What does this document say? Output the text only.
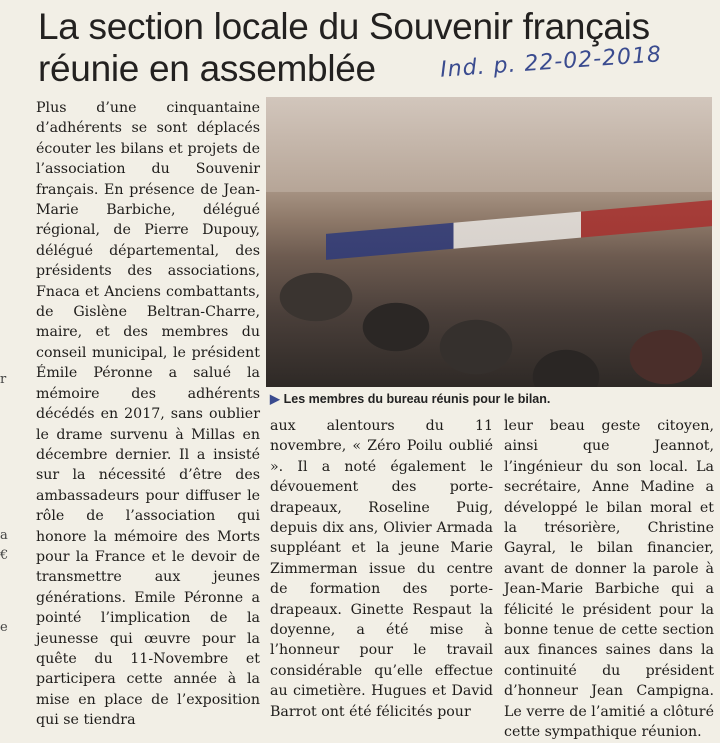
La section locale du Souvenir français
réunie en assemblée	Ind. p. 22-02-2018
r
a
€
e

Plus d’une cinquantaine d’adhérents se sont déplacés écouter les bilans et projets de l’association du Souvenir français. En présence de Jean-Marie Barbiche, délégué régional, de Pierre Dupouy, délégué départemental, des présidents des associations, Fnaca et Anciens combattants, de Gislène Beltran-Charre, maire, et des membres du conseil municipal, le président Émile Péronne a salué la mémoire des adhérents décédés en 2017, sans oublier le drame survenu à Millas en décembre dernier. Il a insisté sur la nécessité d’être des ambassadeurs pour diffuser le rôle de l’association qui honore la mémoire des Morts pour la France et le devoir de transmettre aux jeunes générations. Emile Péronne a pointé l’implication de la jeunesse qui œuvre pour la quête du 11-Novembre et participera cette année à la mise en place de l’exposition qui se tiendra

▶ Les membres du bureau réunis pour le bilan.

aux alentours du 11 novembre, « Zéro Poilu oublié ». Il a noté également le dévouement des porte-drapeaux, Roseline Puig, depuis dix ans, Olivier Armada suppléant et la jeune Marie Zimmerman issue du centre de formation des porte-drapeaux. Ginette Respaut la doyenne, a été mise à l’honneur pour le travail considérable qu’elle effectue au cimetière. Hugues et David Barrot ont été félicités pour

leur beau geste citoyen, ainsi que Jeannot, l’ingénieur du son local. La secrétaire, Anne Madine a développé le bilan moral et la trésorière, Christine Gayral, le bilan financier, avant de donner la parole à Jean-Marie Barbiche qui a félicité le président pour la bonne tenue de cette section aux finances saines dans la continuité du président d’honneur Jean Campigna. Le verre de l’amitié a clôturé cette sympathique réunion.
